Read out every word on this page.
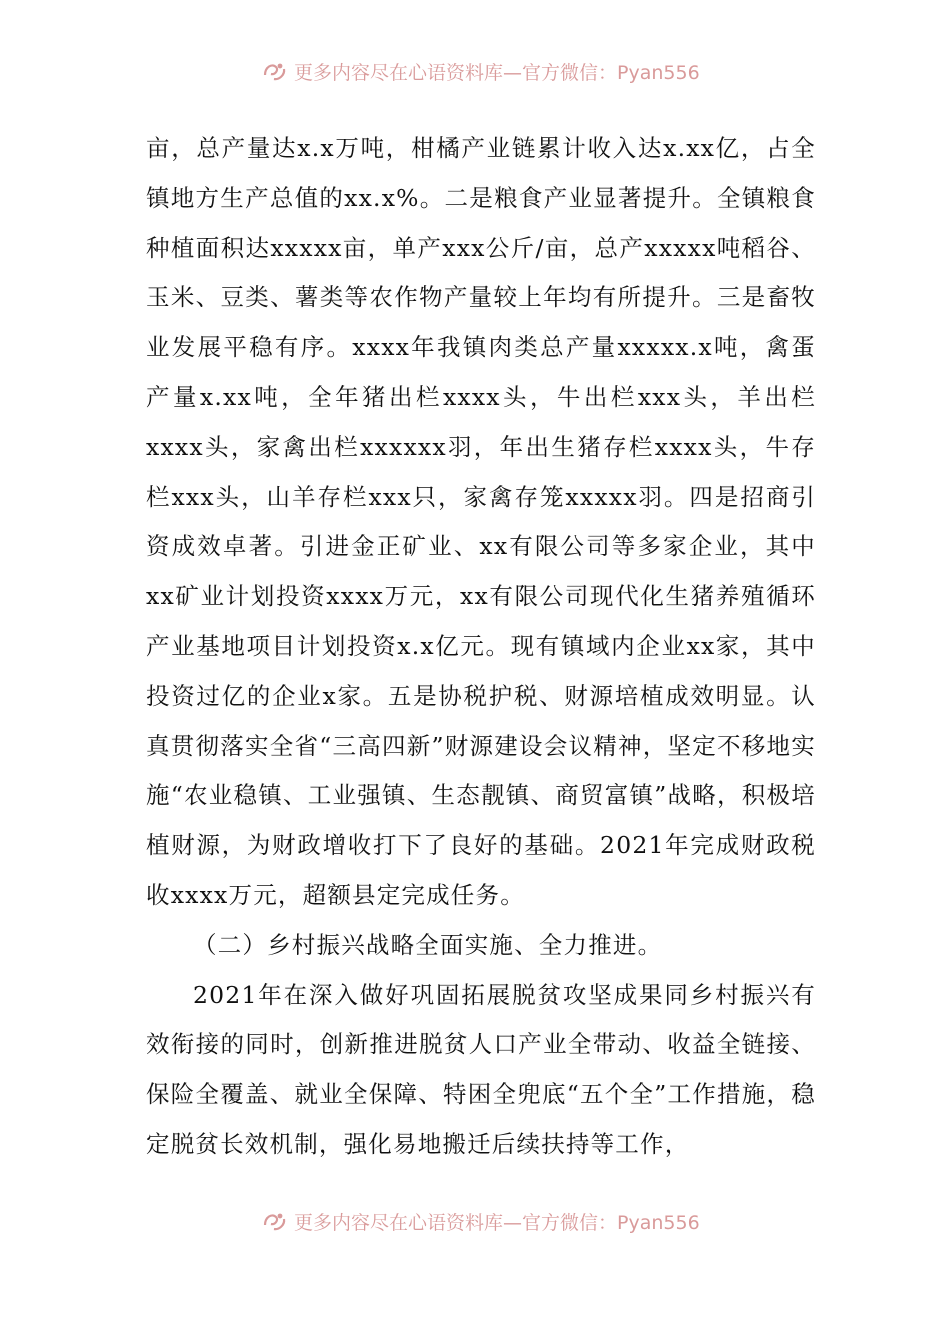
更多内容尽在心语资料库—官方微信：Pyan556

亩，总产量达x.x万吨，柑橘产业链累计收入达x.xx亿，占全镇地方生产总值的xx.x%。二是粮食产业显著提升。全镇粮食种植面积达xxxxx亩，单产xxx公斤/亩，总产xxxxx吨稻谷、玉米、豆类、薯类等农作物产量较上年均有所提升。三是畜牧业发展平稳有序。xxxx年我镇肉类总产量xxxxx.x吨，禽蛋产量x.xx吨，全年猪出栏xxxx头，牛出栏xxx头，羊出栏xxxx头，家禽出栏xxxxxx羽，年出生猪存栏xxxx头，牛存栏xxx头，山羊存栏xxx只，家禽存笼xxxxx羽。四是招商引资成效卓著。引进金正矿业、xx有限公司等多家企业，其中xx矿业计划投资xxxx万元，xx有限公司现代化生猪养殖循环产业基地项目计划投资x.x亿元。现有镇域内企业xx家，其中投资过亿的企业x家。五是协税护税、财源培植成效明显。认真贯彻落实全省“三高四新”财源建设会议精神，坚定不移地实施“农业稳镇、工业强镇、生态靓镇、商贸富镇”战略，积极培植财源，为财政增收打下了良好的基础。2021年完成财政税收xxxx万元，超额县定完成任务。

（二）乡村振兴战略全面实施、全力推进。

2021年在深入做好巩固拓展脱贫攻坚成果同乡村振兴有效衔接的同时，创新推进脱贫人口产业全带动、收益全链接、保险全覆盖、就业全保障、特困全兜底“五个全”工作措施，稳定脱贫长效机制，强化易地搬迁后续扶持等工作，

更多内容尽在心语资料库—官方微信：Pyan556
